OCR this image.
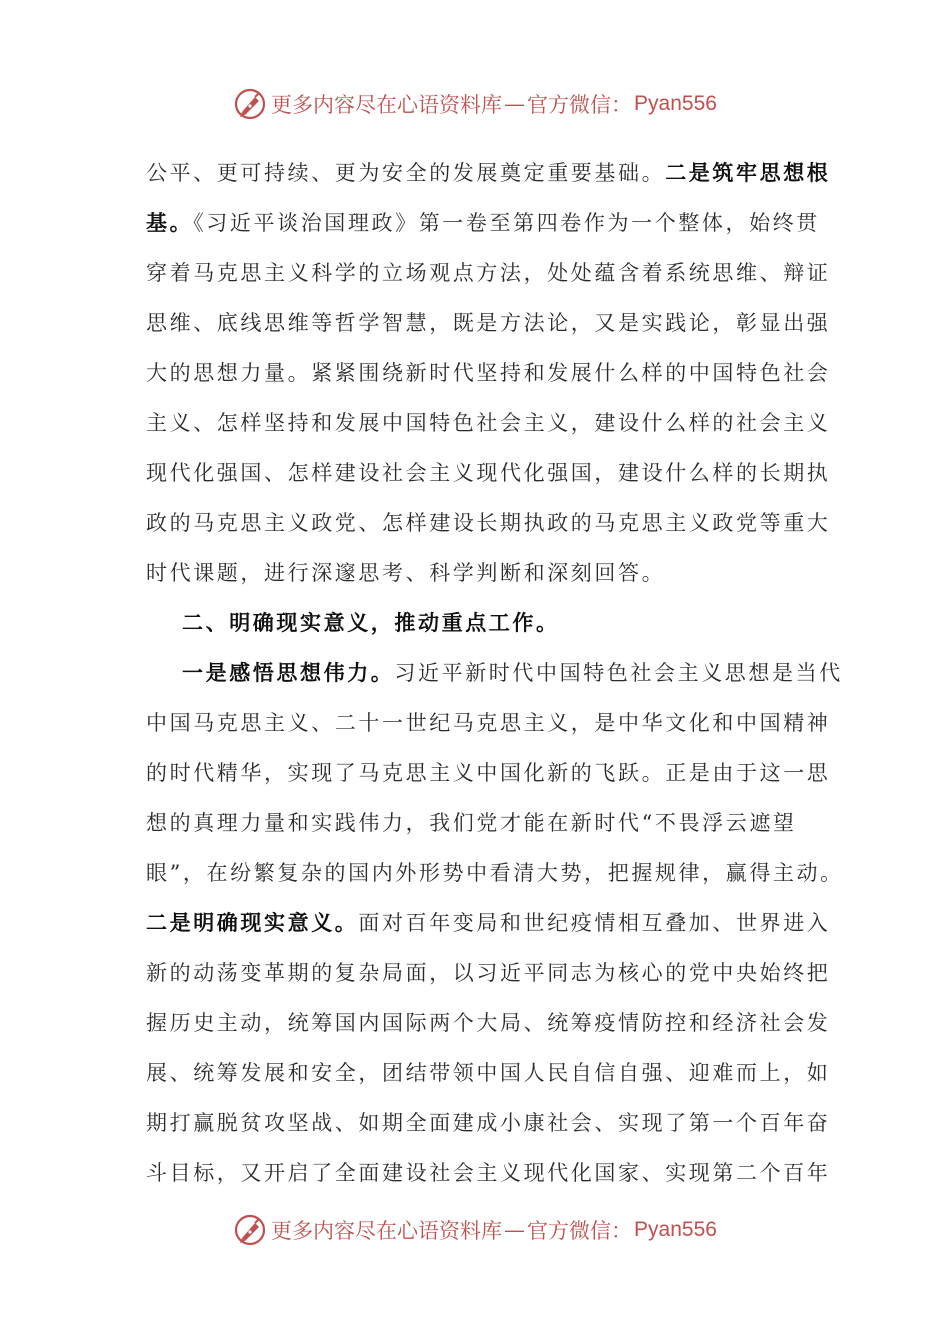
更多内容尽在心语资料库 — 官方微信： Pyan556
公平、更可持续、更为安全的发展奠定重要基础。二是筑牢思想根
基。《习近平谈治国理政》第一卷至第四卷作为一个整体，始终贯
穿着马克思主义科学的立场观点方法，处处蕴含着系统思维、辩证
思维、底线思维等哲学智慧，既是方法论，又是实践论，彰显出强
大的思想力量。紧紧围绕新时代坚持和发展什么样的中国特色社会
主义、怎样坚持和发展中国特色社会主义，建设什么样的社会主义
现代化强国、怎样建设社会主义现代化强国，建设什么样的长期执
政的马克思主义政党、怎样建设长期执政的马克思主义政党等重大
时代课题，进行深邃思考、科学判断和深刻回答。
二、明确现实意义，推动重点工作。
一是感悟思想伟力。习近平新时代中国特色社会主义思想是当代
中国马克思主义、二十一世纪马克思主义，是中华文化和中国精神
的时代精华，实现了马克思主义中国化新的飞跃。正是由于这一思
想的真理力量和实践伟力，我们党才能在新时代“不畏浮云遮望
眼”，在纷繁复杂的国内外形势中看清大势，把握规律，赢得主动。
二是明确现实意义。面对百年变局和世纪疫情相互叠加、世界进入
新的动荡变革期的复杂局面，以习近平同志为核心的党中央始终把
握历史主动，统筹国内国际两个大局、统筹疫情防控和经济社会发
展、统筹发展和安全，团结带领中国人民自信自强、迎难而上，如
期打赢脱贫攻坚战、如期全面建成小康社会、实现了第一个百年奋
斗目标，又开启了全面建设社会主义现代化国家、实现第二个百年
更多内容尽在心语资料库 — 官方微信： Pyan556
